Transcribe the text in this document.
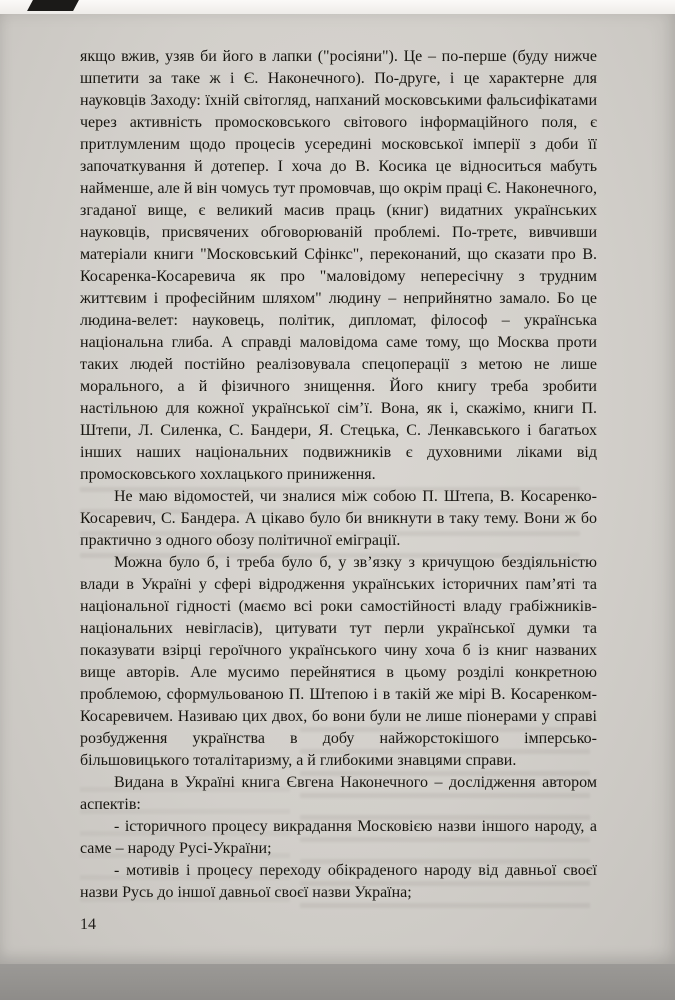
якщо вжив, узяв би його в лапки ("росіяни"). Це – по-перше (буду нижче шпетити за таке ж і Є. Наконечного). По-друге, і це характерне для науковців Заходу: їхній світогляд, напханий московськими фальсифікатами через активність промосковського світового інформаційного поля, є притлумленим щодо процесів усередині московської імперії з доби її започаткування й дотепер. І хоча до В. Косика це відноситься мабуть найменше, але й він чомусь тут промовчав, що окрім праці Є. Наконечного, згаданої вище, є великий масив праць (книг) видатних українських науковців, присвячених обговорюваній проблемі. По-третє, вивчивши матеріали книги "Московський Сфінкс", переконаний, що сказати про В. Косаренка-Косаревича як про "маловідому непересічну з трудним життєвим і професійним шляхом" людину – неприйнятно замало. Бо це людина-велет: науковець, політик, дипломат, філософ – українська національна глиба. А справді маловідома саме тому, що Москва проти таких людей постійно реалізовувала спецоперації з метою не лише морального, а й фізичного знищення. Його книгу треба зробити настільною для кожної української сім’ї. Вона, як і, скажімо, книги П. Штепи, Л. Силенка, С. Бандери, Я. Стецька, С. Ленкавського і багатьох інших наших національних подвижників є духовними ліками від промосковського хохлацького приниження.

Не маю відомостей, чи зналися між собою П. Штепа, В. Косаренко-Косаревич, С. Бандера. А цікаво було би вникнути в таку тему. Вони ж бо практично з одного обозу політичної еміграції.

Можна було б, і треба було б, у зв’язку з кричущою бездіяльністю влади в Україні у сфері відродження українських історичних пам’яті та національної гідності (маємо всі роки самостійності владу грабіжників-національних невігласів), цитувати тут перли української думки та показувати взірці героїчного українського чину хоча б із книг названих вище авторів. Але мусимо перейнятися в цьому розділі конкретною проблемою, сформульованою П. Штепою і в такій же мірі В. Косаренком-Косаревичем. Називаю цих двох, бо вони були не лише піонерами у справі розбудження українства в добу найжорстокішого імперсько-більшовицького тоталітаризму, а й глибокими знавцями справи.

Видана в Україні книга Євгена Наконечного – дослідження автором аспектів:

- історичного процесу викрадання Московією назви іншого народу, а саме – народу Русі-України;

- мотивів і процесу переходу обікраденого народу від давньої своєї назви Русь до іншої давньої своєї назви Україна;

14
